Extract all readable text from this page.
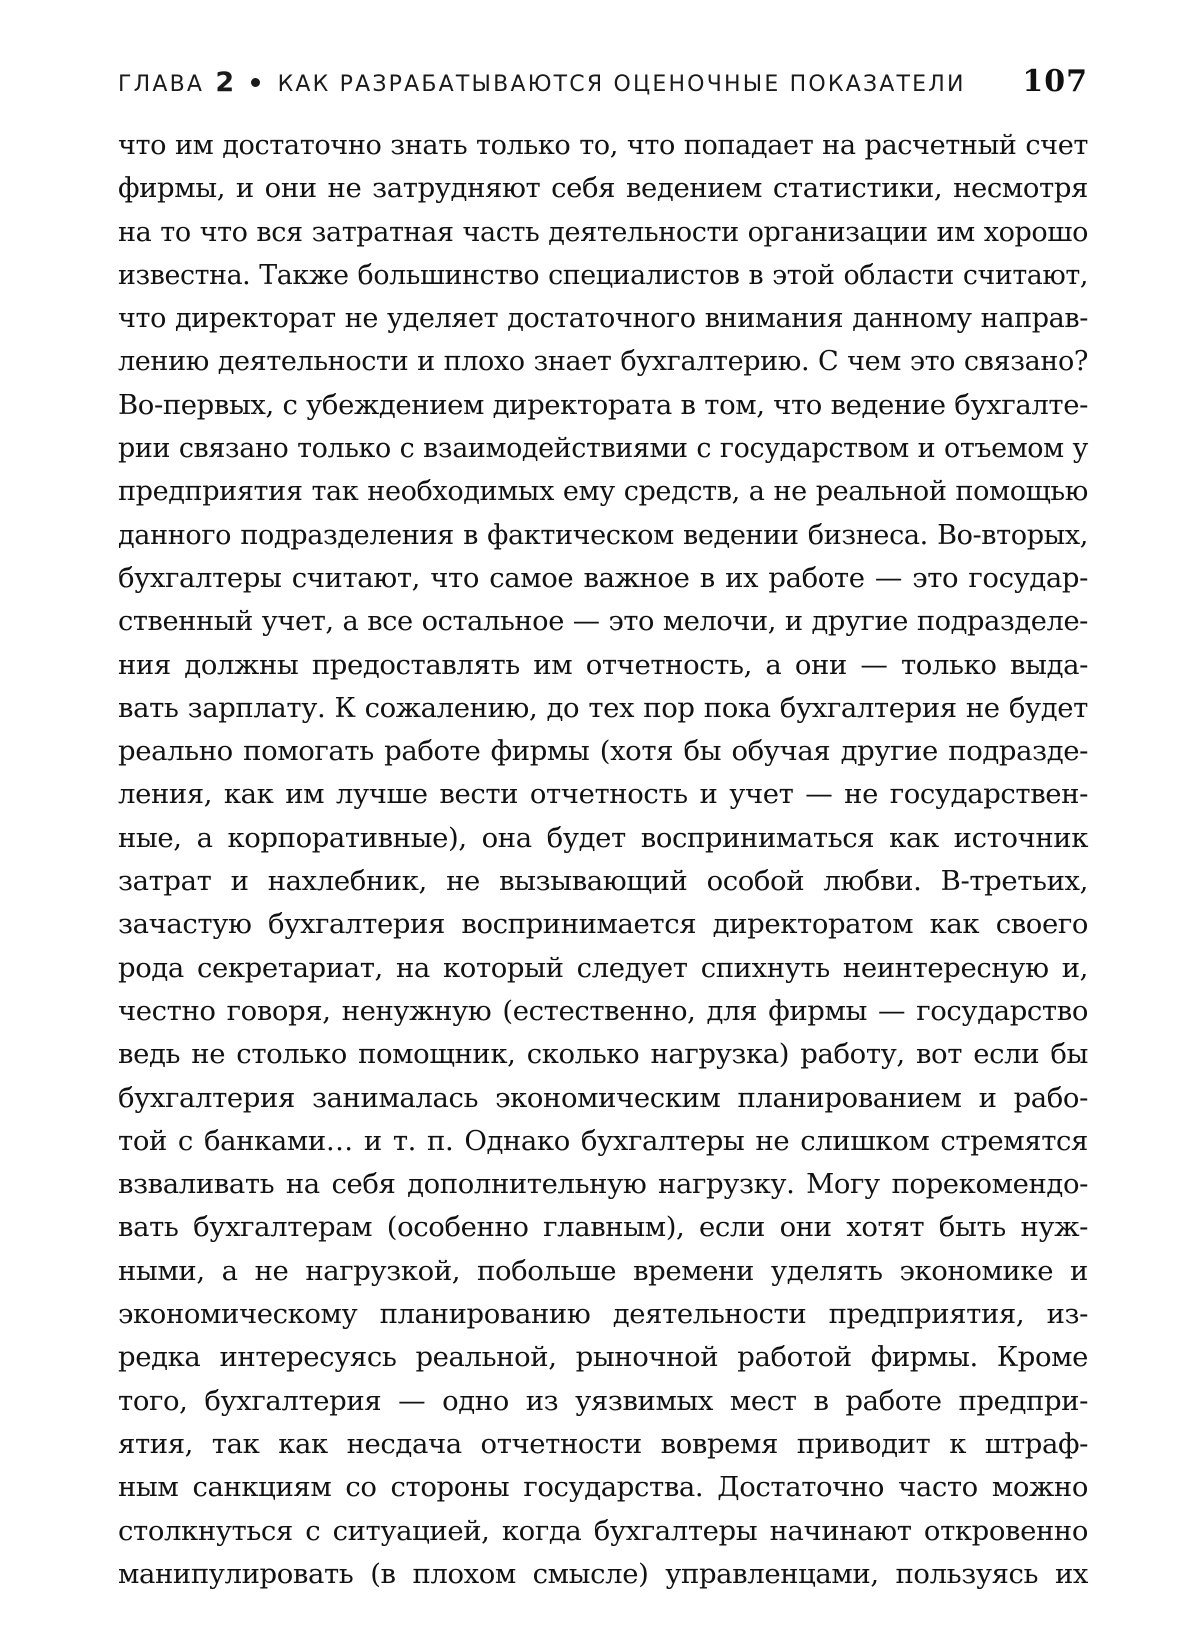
ГЛАВА 2 КАК РАЗРАБАТЫВАЮТСЯ ОЦЕНОЧНЫЕ ПОКАЗАТЕЛИ 107
что им достаточно знать только то, что попадает на расчетный счет
фирмы, и они не затрудняют себя ведением статистики, несмотря
на то что вся затратная часть деятельности организации им хорошо
известна. Также большинство специалистов в этой области считают,
что директорат не уделяет достаточного внимания данному направ-
лению деятельности и плохо знает бухгалтерию. С чем это связано?
Во-первых, с убеждением директората в том, что ведение бухгалте-
рии связано только с взаимодействиями с государством и отъемом у
предприятия так необходимых ему средств, а не реальной помощью
данного подразделения в фактическом ведении бизнеса. Во-вторых,
бухгалтеры считают, что самое важное в их работе — это государ-
ственный учет, а все остальное — это мелочи, и другие подразделе-
ния должны предоставлять им отчетность, а они — только выда-
вать зарплату. К сожалению, до тех пор пока бухгалтерия не будет
реально помогать работе фирмы (хотя бы обучая другие подразде-
ления, как им лучше вести отчетность и учет — не государствен-
ные, а корпоративные), она будет восприниматься как источник
затрат и нахлебник, не вызывающий особой любви. В-третьих,
зачастую бухгалтерия воспринимается директоратом как своего
рода секретариат, на который следует спихнуть неинтересную и,
честно говоря, ненужную (естественно, для фирмы — государство
ведь не столько помощник, сколько нагрузка) работу, вот если бы
бухгалтерия занималась экономическим планированием и рабо-
той с банками… и т. п. Однако бухгалтеры не слишком стремятся
взваливать на себя дополнительную нагрузку. Могу порекомендо-
вать бухгалтерам (особенно главным), если они хотят быть нуж-
ными, а не нагрузкой, побольше времени уделять экономике и
экономическому планированию деятельности предприятия, из-
редка интересуясь реальной, рыночной работой фирмы. Кроме
того, бухгалтерия — одно из уязвимых мест в работе предпри-
ятия, так как несдача отчетности вовремя приводит к штраф-
ным санкциям со стороны государства. Достаточно часто можно
столкнуться с ситуацией, когда бухгалтеры начинают откровенно
манипулировать (в плохом смысле) управленцами, пользуясь их
